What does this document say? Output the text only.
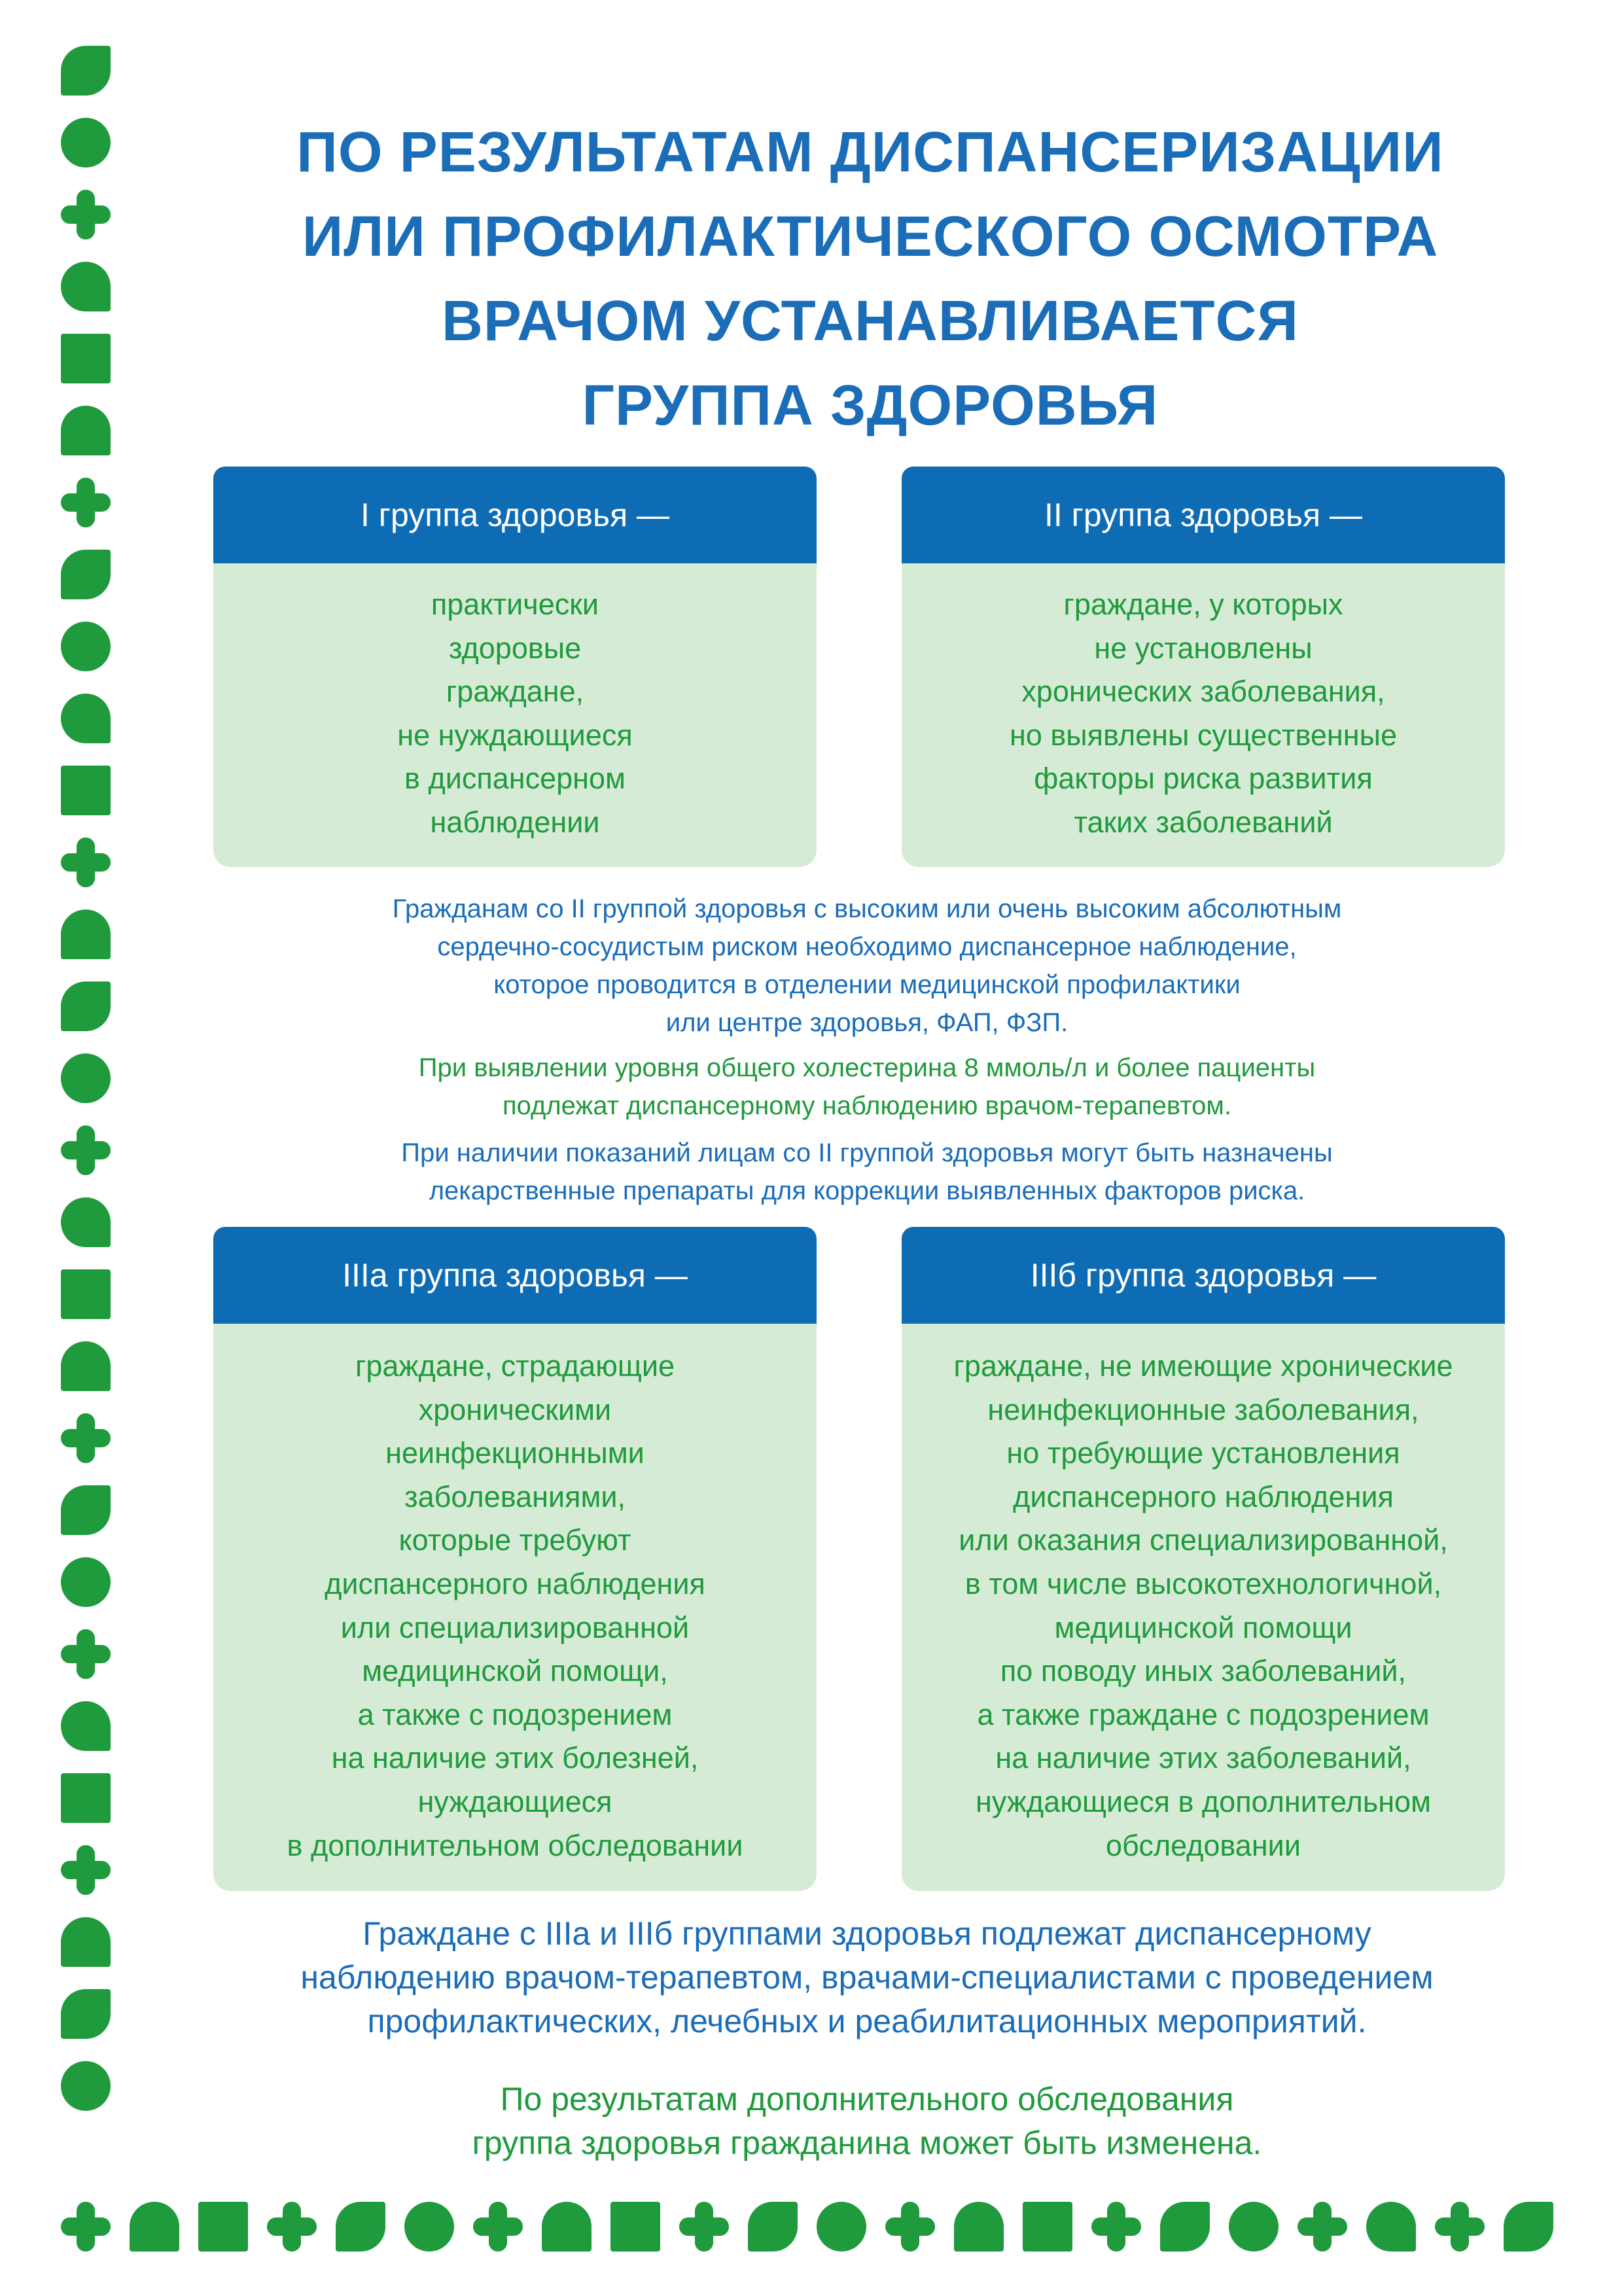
ПО РЕЗУЛЬТАТАМ ДИСПАНСЕРИЗАЦИИ
ИЛИ ПРОФИЛАКТИЧЕСКОГО ОСМОТРА
ВРАЧОМ УСТАНАВЛИВАЕТСЯ
ГРУППА ЗДОРОВЬЯ
I группа здоровья —
практически
здоровые
граждане,
не нуждающиеся
в диспансерном
наблюдении
II группа здоровья —
граждане, у которых
не установлены
хронических заболевания,
но выявлены существенные
факторы риска развития
таких заболеваний
Гражданам со II группой здоровья с высоким или очень высоким абсолютным
сердечно-сосудистым риском необходимо диспансерное наблюдение,
которое проводится в отделении медицинской профилактики
или центре здоровья, ФАП, ФЗП.
При выявлении уровня общего холестерина 8 ммоль/л и более пациенты
подлежат диспансерному наблюдению врачом-терапевтом.
При наличии показаний лицам со II группой здоровья могут быть назначены
лекарственные препараты для коррекции выявленных факторов риска.
IIIа группа здоровья —
граждане, страдающие
хроническими
неинфекционными
заболеваниями,
которые требуют
диспансерного наблюдения
или специализированной
медицинской помощи,
а также с подозрением
на наличие этих болезней,
нуждающиеся
в дополнительном обследовании
IIIб группа здоровья —
граждане, не имеющие хронические
неинфекционные заболевания,
но требующие установления
диспансерного наблюдения
или оказания специализированной,
в том числе высокотехнологичной,
медицинской помощи
по поводу иных заболеваний,
а также граждане с подозрением
на наличие этих заболеваний,
нуждающиеся в дополнительном
обследовании
Граждане с IIIа и IIIб группами здоровья подлежат диспансерному
наблюдению врачом-терапевтом, врачами-специалистами с проведением
профилактических, лечебных и реабилитационных мероприятий.
По результатам дополнительного обследования
группа здоровья гражданина может быть изменена.
